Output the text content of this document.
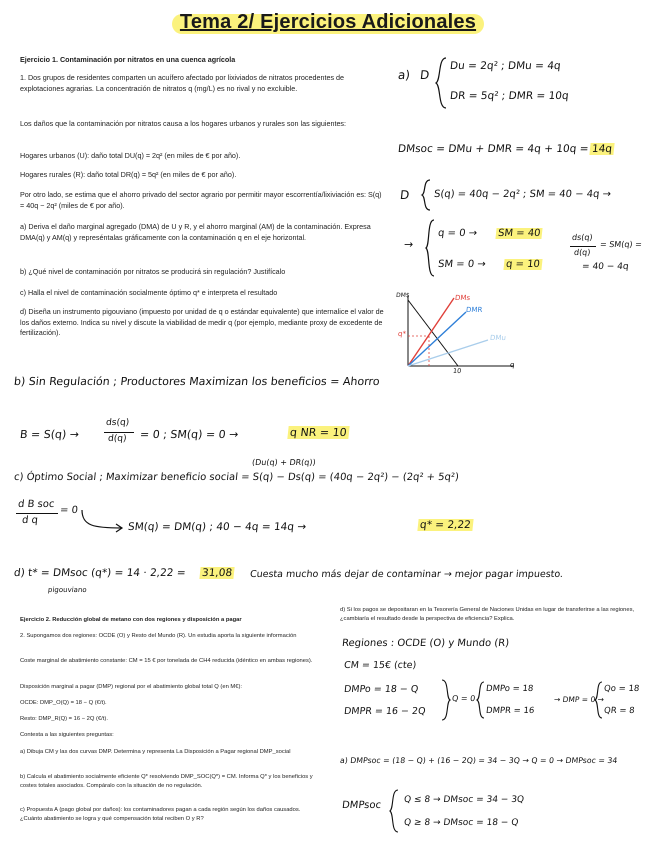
Tema 2/ Ejercicios Adicionales
Ejercicio 1. Contaminación por nitratos en una cuenca agrícola
1. Dos grupos de residentes comparten un acuífero afectado por lixiviados de nitratos procedentes de explotaciones agrarias. La concentración de nitratos q (mg/L) es no rival y no excluible.
Los daños que la contaminación por nitratos causa a los hogares urbanos y rurales son las siguientes:
Hogares urbanos (U): daño total DU(q) = 2q² (en miles de € por año).
Hogares rurales (R): daño total DR(q) = 5q² (en miles de € por año).
Por otro lado, se estima que el ahorro privado del sector agrario por permitir mayor escorrentía/lixiviación es: S(q) = 40q − 2q² (miles de € por año).
a) Deriva el daño marginal agregado (DMA) de U y R, y el ahorro marginal (AM) de la contaminación. Expresa DMA(q) y AM(q) y represéntalas gráficamente con la contaminación q en el eje horizontal.
b) ¿Qué nivel de contaminación por nitratos se producirá sin regulación? Justifícalo
c) Halla el nivel de contaminación socialmente óptimo q* e interpreta el resultado
d) Diseña un instrumento pigouviano (impuesto por unidad de q o estándar equivalente) que internalice el valor de los daños externo. Indica su nivel y discute la viabilidad de medir q (por ejemplo, mediante proxy de excedente de fertilización).
a) D
Du = 2q² ; DMu = 4q
DR = 5q² ; DMR = 10q
DMsoc = DMu + DMR = 4q + 10q = 14q
D S(q) = 40q − 2q² ; SM = 40 − 4q →
→
q = 0 → SM = 40
SM = 0 → q = 10
ds(q)
d(q)
= SM(q) =
= 40 − 4q
DM$	DMs
DMR
DMu
q*
10
q
b) Sin Regulación ; Productores Maximizan los beneficios = Ahorro
B = S(q) →
ds(q)
d(q) = 0 ; SM(q) = 0 →	q NR = 10
(Du(q) + DR(q))
c) Óptimo Social ; Maximizar beneficio social = S(q) − Ds(q) = (40q − 2q²) − (2q² + 5q²)
d B soc
d q
= 0
SM(q) = DM(q) ; 40 − 4q = 14q →	q* = 2,22
d) t* = DMsoc (q*) = 14 · 2,22 = 31,08 Cuesta mucho más dejar de contaminar → mejor pagar impuesto.
pigouviano
Ejercicio 2. Reducción global de metano con dos regiones y disposición a pagar
2. Supongamos dos regiones: OCDE (O) y Resto del Mundo (R). Un estudia aporta la siguiente información
Coste marginal de abatimiento constante: CM = 15 € por tonelada de CH4 reducida (idéntico en ambas regiones).
Disposición marginal a pagar (DMP) regional por el abatimiento global total Q (en M€):
OCDE: DMP_O(Q) = 18 − Q (€/t).
Resto: DMP_R(Q) = 16 − 2Q (€/t).
Contesta a las siguientes preguntas:
a) Dibuja CM y las dos curvas DMP. Determina y representa La Disposición a Pagar regional DMP_social
b) Calcula el abatimiento socialmente eficiente Q* resolviendo DMP_SOC(Q*) = CM. Informa Q* y los beneficios y costes totales asociados. Compáralo con la situación de no regulación.
c) Propuesta A (pago global por daños): los contaminadores pagan a cada región según los daños causados. ¿Cuánto abatimiento se logra y qué compensación total reciben O y R?
d) Si los pagos se depositaran en la Tesorería General de Naciones Unidas en lugar de transferirse a las regiones, ¿cambiaría el resultado desde la perspectiva de eficiencia? Explica.
Regiones : OCDE (O) y Mundo (R)
CM = 15€ (cte)
DMPo = 18 − Q
DMPR = 16 − 2Q
Q = 0
DMPo = 18
DMPR = 16
→ DMP = 0 →
Qo = 18
QR = 8
a) DMPsoc = (18 − Q) + (16 − 2Q) = 34 − 3Q → Q = 0 → DMPsoc = 34
DMPsoc Q ≤ 8 → DMsoc = 34 − 3Q
Q ≥ 8 → DMsoc = 18 − Q
